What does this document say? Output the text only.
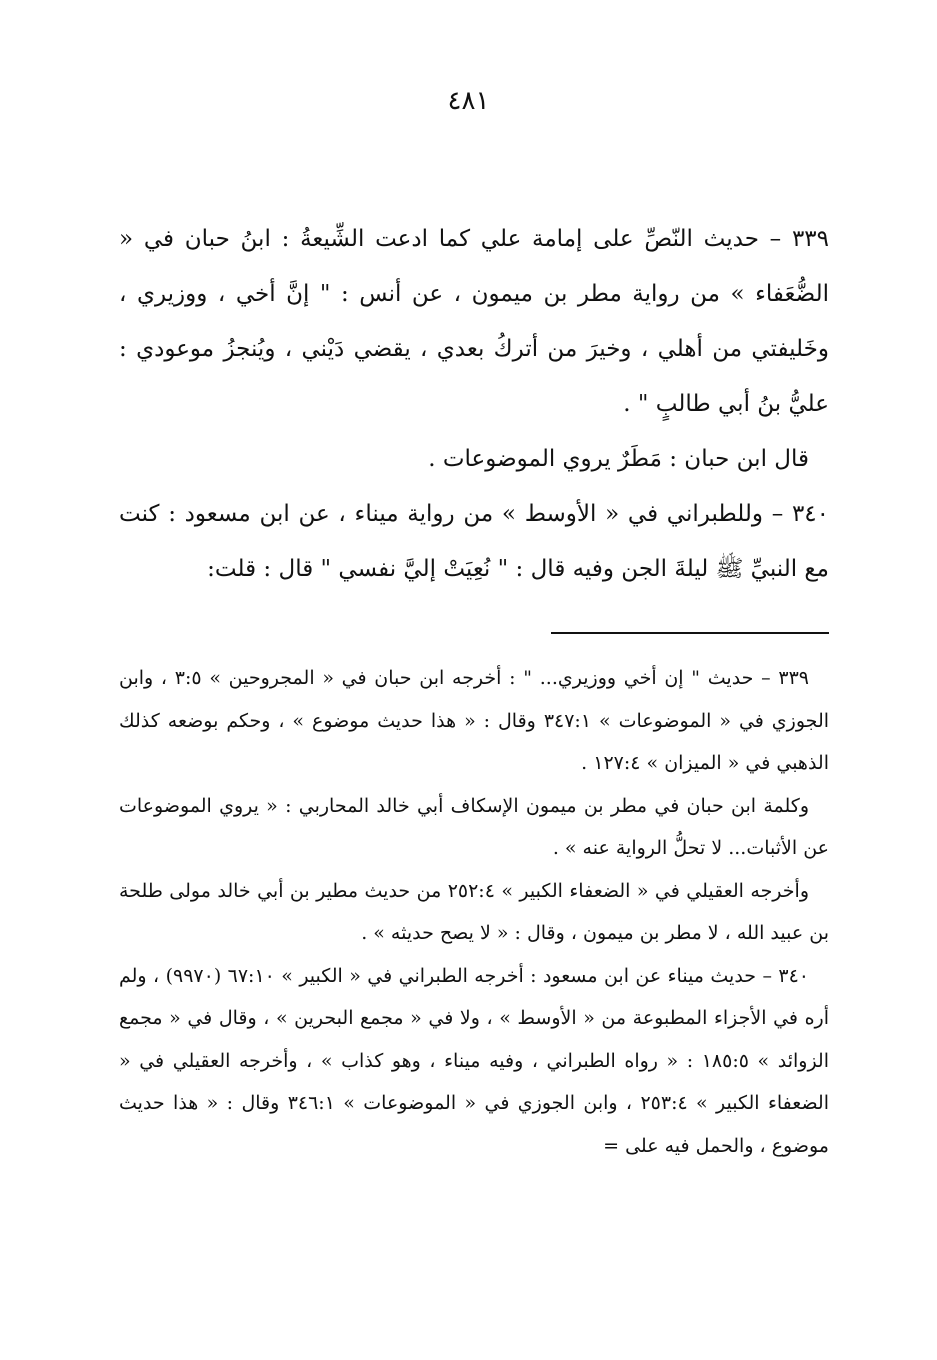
٤٨١

٣٣٩ – حديث النّصِّ على إمامة علي كما ادعت الشِّيعةُ : ابنُ حبان في « الضُّعَفاء » من رواية مطر بن ميمون ، عن أنس : " إنَّ أخي ، ووزيري ، وخَليفتي من أهلي ، وخيرَ من أتركُ بعدي ، يقضي دَيْني ، ويُنجزُ موعودي : عليُّ بنُ أبي طالبٍ " .

قال ابن حبان : مَطَرٌ يروي الموضوعات .

٣٤٠ – وللطبراني في « الأوسط » من رواية ميناء ، عن ابن مسعود : كنت مع النبيِّ ﷺ ليلةَ الجن وفيه قال : " نُعِيَتْ إليَّ نفسي " قال : قلت:

٣٣٩ – حديث " إن أخي ووزيري... " : أخرجه ابن حبان في « المجروحين » ٣:٥ ، وابن الجوزي في « الموضوعات » ٣٤٧:١ وقال : « هذا حديث موضوع » ، وحكم بوضعه كذلك الذهبي في « الميزان » ١٢٧:٤ .

وكلمة ابن حبان في مطر بن ميمون الإسكاف أبي خالد المحاربي : « يروي الموضوعات عن الأثبات... لا تحلُّ الرواية عنه » .

وأخرجه العقيلي في « الضعفاء الكبير » ٢٥٢:٤ من حديث مطير بن أبي خالد مولى طلحة بن عبيد الله ، لا مطر بن ميمون ، وقال : « لا يصح حديثه » .

٣٤٠ – حديث ميناء عن ابن مسعود : أخرجه الطبراني في « الكبير » ٦٧:١٠ (٩٩٧٠) ، ولم أره في الأجزاء المطبوعة من « الأوسط » ، ولا في « مجمع البحرين » ، وقال في « مجمع الزوائد » ١٨٥:٥ : « رواه الطبراني ، وفيه ميناء ، وهو كذاب » ، وأخرجه العقيلي في « الضعفاء الكبير » ٢٥٣:٤ ، وابن الجوزي في « الموضوعات » ٣٤٦:١ وقال : « هذا حديث موضوع ، والحمل فيه على =
